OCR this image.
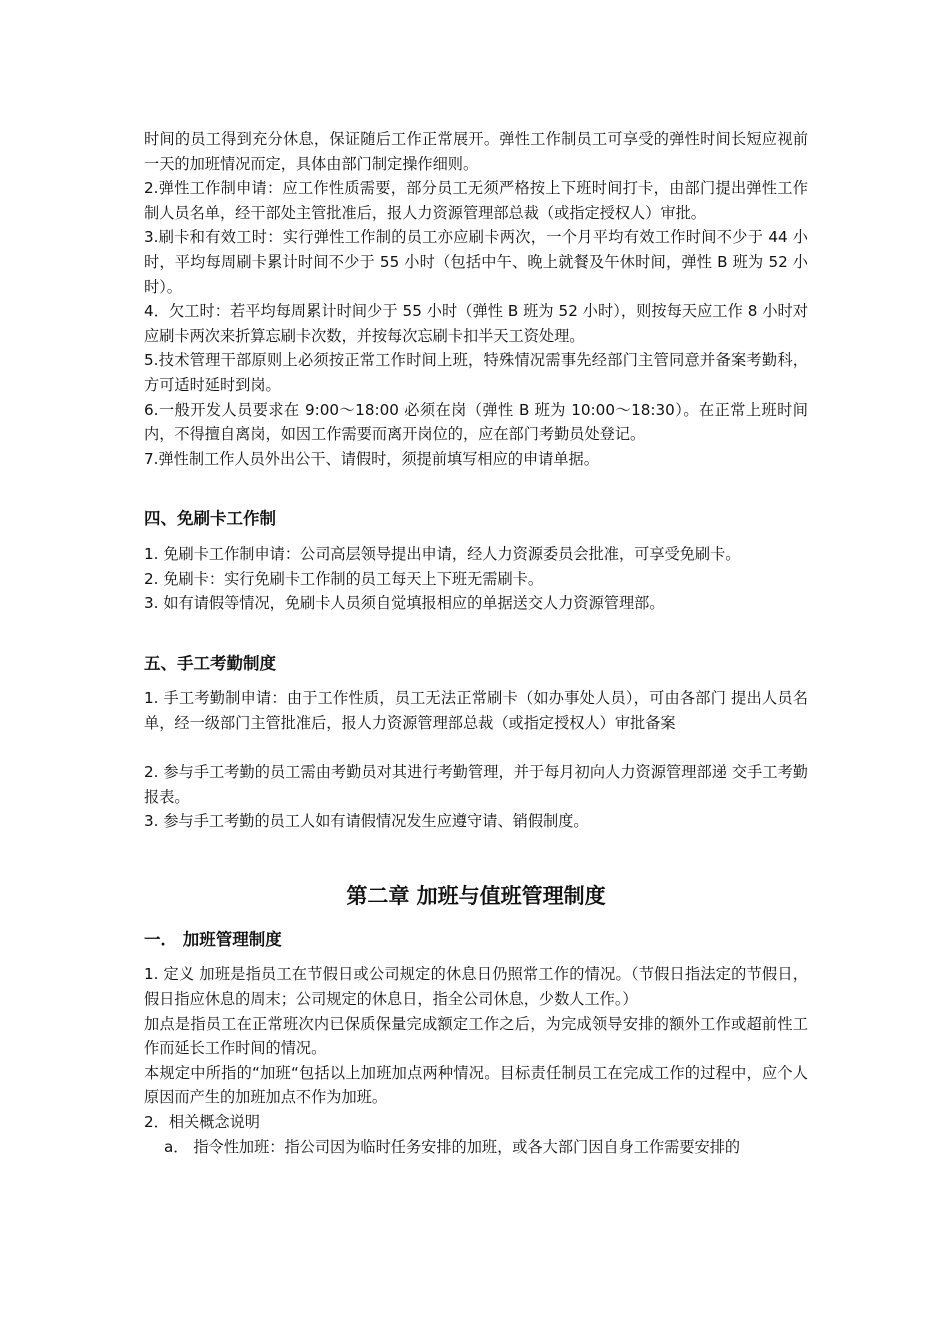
时间的员工得到充分休息，保证随后工作正常展开。弹性工作制员工可享受的弹性时间长短应视前一天的加班情况而定，具体由部门制定操作细则。

2.弹性工作制申请：应工作性质需要，部分员工无须严格按上下班时间打卡，由部门提出弹性工作制人员名单，经干部处主管批准后，报人力资源管理部总裁（或指定授权人）审批。

3.刷卡和有效工时：实行弹性工作制的员工亦应刷卡两次，一个月平均有效工作时间不少于 44 小时，平均每周刷卡累计时间不少于 55 小时（包括中午、晚上就餐及午休时间，弹性 B 班为 52 小时）。

4．欠工时：若平均每周累计时间少于 55 小时（弹性 B 班为 52 小时），则按每天应工作 8 小时对应刷卡两次来折算忘刷卡次数，并按每次忘刷卡扣半天工资处理。

5.技术管理干部原则上必须按正常工作时间上班，特殊情况需事先经部门主管同意并备案考勤科，方可适时延时到岗。

6.一般开发人员要求在 9:00～18:00 必须在岗（弹性 B 班为 10:00～18:30）。在正常上班时间内，不得擅自离岗，如因工作需要而离开岗位的，应在部门考勤员处登记。

7.弹性制工作人员外出公干、请假时，须提前填写相应的申请单据。

四、免刷卡工作制

1. 免刷卡工作制申请：公司高层领导提出申请，经人力资源委员会批准，可享受免刷卡。

2. 免刷卡：实行免刷卡工作制的员工每天上下班无需刷卡。

3. 如有请假等情况，免刷卡人员须自觉填报相应的单据送交人力资源管理部。

五、手工考勤制度

1. 手工考勤制申请：由于工作性质，员工无法正常刷卡（如办事处人员），可由各部门 提出人员名单，经一级部门主管批准后，报人力资源管理部总裁（或指定授权人）审批备案

2. 参与手工考勤的员工需由考勤员对其进行考勤管理，并于每月初向人力资源管理部递 交手工考勤报表。

3. 参与手工考勤的员工人如有请假情况发生应遵守请、销假制度。

第二章 加班与值班管理制度

一． 加班管理制度

1. 定义 加班是指员工在节假日或公司规定的休息日仍照常工作的情况。（节假日指法定的节假日，假日指应休息的周末；公司规定的休息日，指全公司休息，少数人工作。）

加点是指员工在正常班次内已保质保量完成额定工作之后，为完成领导安排的额外工作或超前性工作而延长工作时间的情况。

本规定中所指的“加班“包括以上加班加点两种情况。目标责任制员工在完成工作的过程中，应个人原因而产生的加班加点不作为加班。

2．相关概念说明

a． 指令性加班：指公司因为临时任务安排的加班，或各大部门因自身工作需要安排的
